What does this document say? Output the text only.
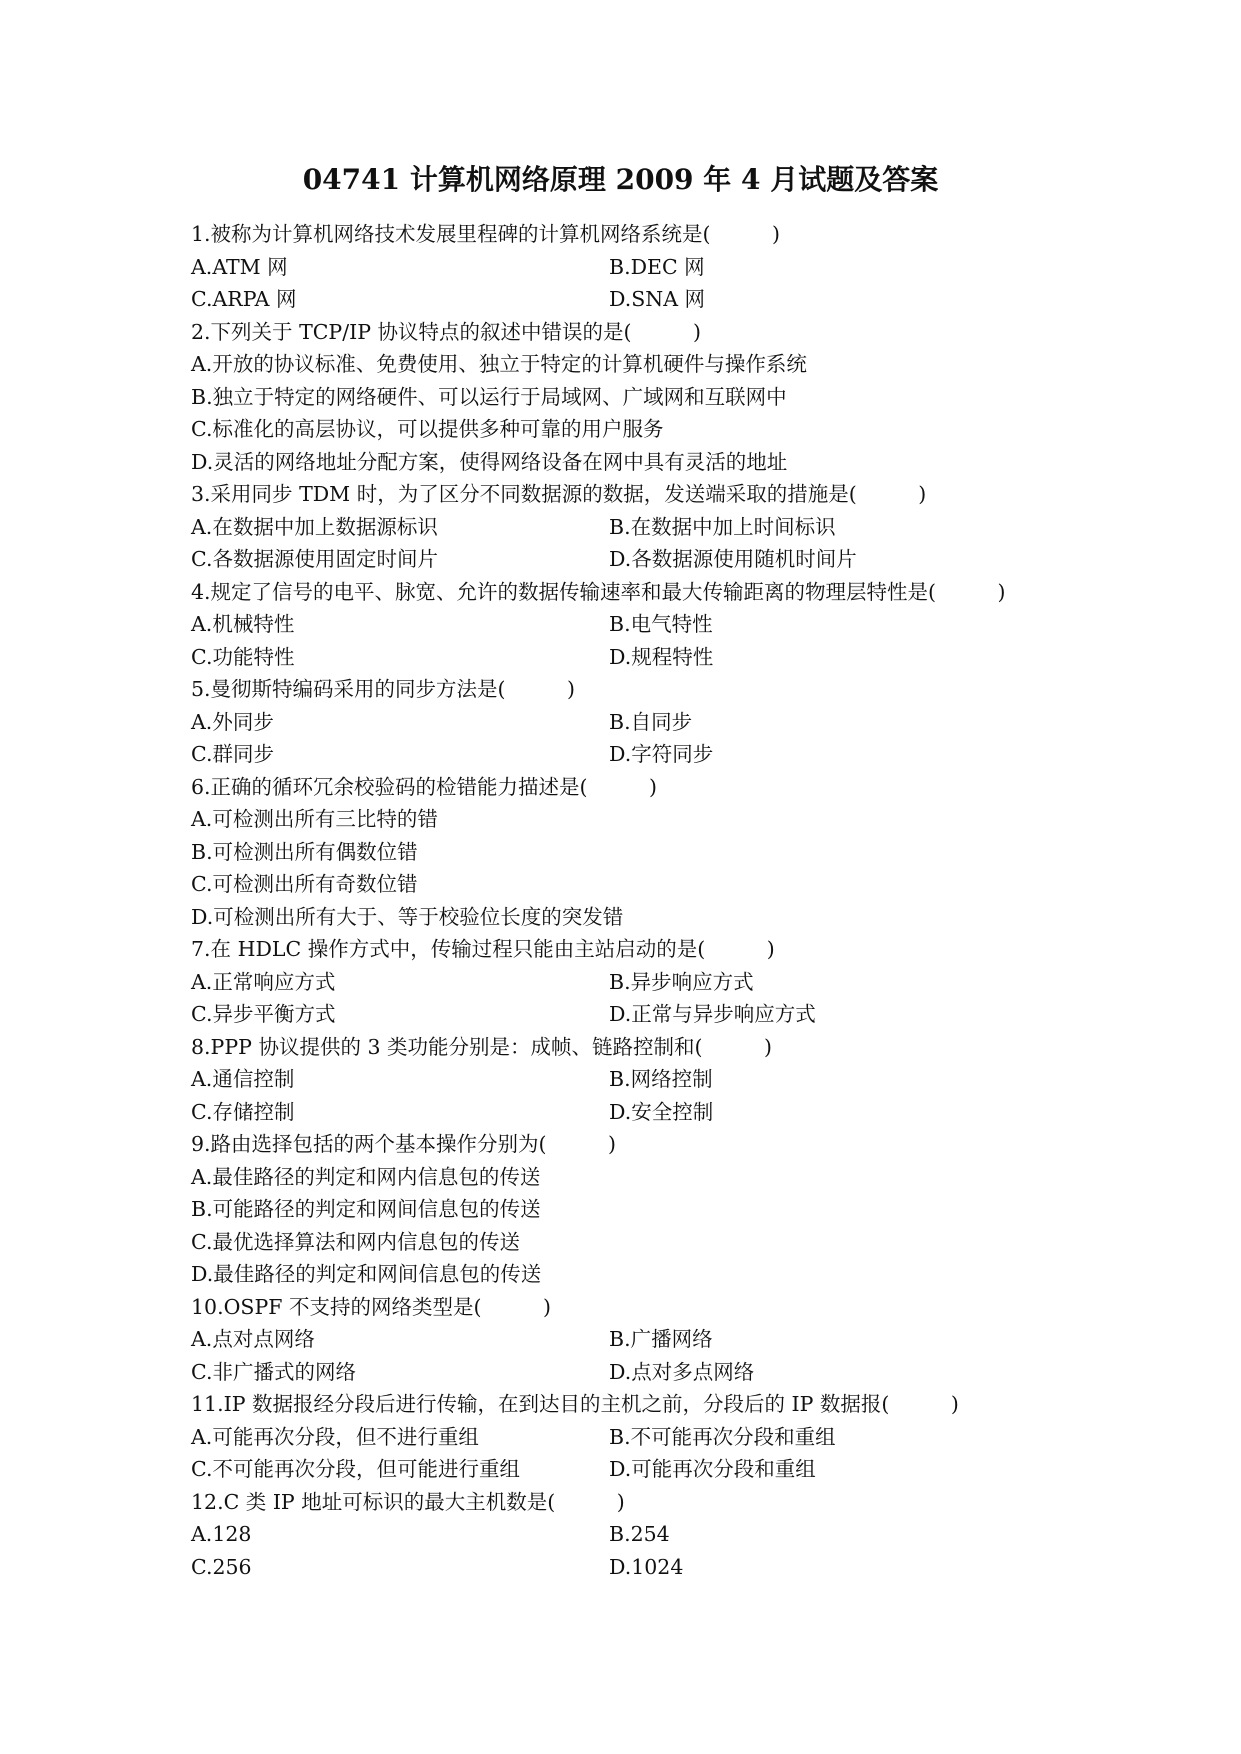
04741 计算机网络原理 2009 年 4 月试题及答案
1.被称为计算机网络技术发展里程碑的计算机网络系统是(　　　)
A.ATM 网	B.DEC 网
C.ARPA 网	D.SNA 网
2.下列关于 TCP/IP 协议特点的叙述中错误的是(　　　)
A.开放的协议标准、免费使用、独立于特定的计算机硬件与操作系统
B.独立于特定的网络硬件、可以运行于局域网、广域网和互联网中
C.标准化的高层协议，可以提供多种可靠的用户服务
D.灵活的网络地址分配方案，使得网络设备在网中具有灵活的地址
3.采用同步 TDM 时，为了区分不同数据源的数据，发送端采取的措施是(　　　)
A.在数据中加上数据源标识	B.在数据中加上时间标识
C.各数据源使用固定时间片	D.各数据源使用随机时间片
4.规定了信号的电平、脉宽、允许的数据传输速率和最大传输距离的物理层特性是(　　　)
A.机械特性	B.电气特性
C.功能特性	D.规程特性
5.曼彻斯特编码采用的同步方法是(　　　)
A.外同步	B.自同步
C.群同步	D.字符同步
6.正确的循环冗余校验码的检错能力描述是(　　　)
A.可检测出所有三比特的错
B.可检测出所有偶数位错
C.可检测出所有奇数位错
D.可检测出所有大于、等于校验位长度的突发错
7.在 HDLC 操作方式中，传输过程只能由主站启动的是(　　　)
A.正常响应方式	B.异步响应方式
C.异步平衡方式	D.正常与异步响应方式
8.PPP 协议提供的 3 类功能分别是：成帧、链路控制和(　　　)
A.通信控制	B.网络控制
C.存储控制	D.安全控制
9.路由选择包括的两个基本操作分别为(　　　)
A.最佳路径的判定和网内信息包的传送
B.可能路径的判定和网间信息包的传送
C.最优选择算法和网内信息包的传送
D.最佳路径的判定和网间信息包的传送
10.OSPF 不支持的网络类型是(　　　)
A.点对点网络	B.广播网络
C.非广播式的网络	D.点对多点网络
11.IP 数据报经分段后进行传输，在到达目的主机之前，分段后的 IP 数据报(　　　)
A.可能再次分段，但不进行重组	B.不可能再次分段和重组
C.不可能再次分段，但可能进行重组	D.可能再次分段和重组
12.C 类 IP 地址可标识的最大主机数是(　　　)
A.128	B.254
C.256	D.1024
